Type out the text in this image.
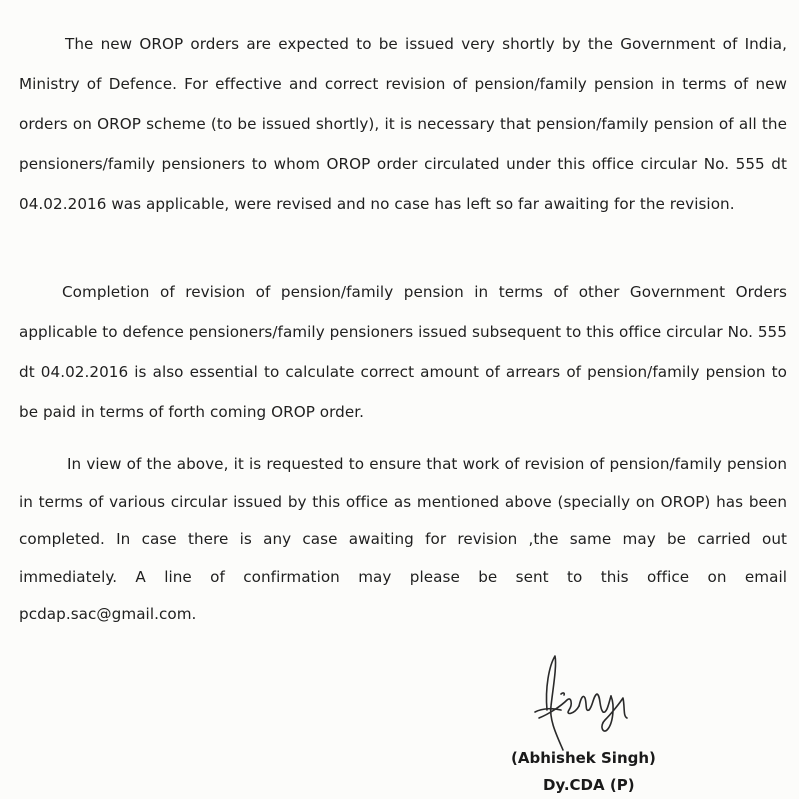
The new OROP orders are expected to be issued very shortly by the Government of India, Ministry of Defence. For effective and correct revision of pension/family pension in terms of new orders on OROP scheme (to be issued shortly), it is necessary that pension/family pension of all the pensioners/family pensioners to whom OROP order circulated under this office circular No. 555 dt 04.02.2016 was applicable, were revised and no case has left so far awaiting for the revision.

Completion of revision of pension/family pension in terms of other Government Orders applicable to defence pensioners/family pensioners issued subsequent to this office circular No. 555 dt 04.02.2016 is also essential to calculate correct amount of arrears of pension/family pension to be paid in terms of forth coming OROP order.

In view of the above, it is requested to ensure that work of revision of pension/family pension in terms of various circular issued by this office as mentioned above (specially on OROP) has been completed. In case there is any case awaiting for revision ,the same may be carried out immediately. A line of confirmation may please be sent to this office on email pcdap.sac@gmail.com.

(Abhishek Singh)
Dy.CDA (P)
